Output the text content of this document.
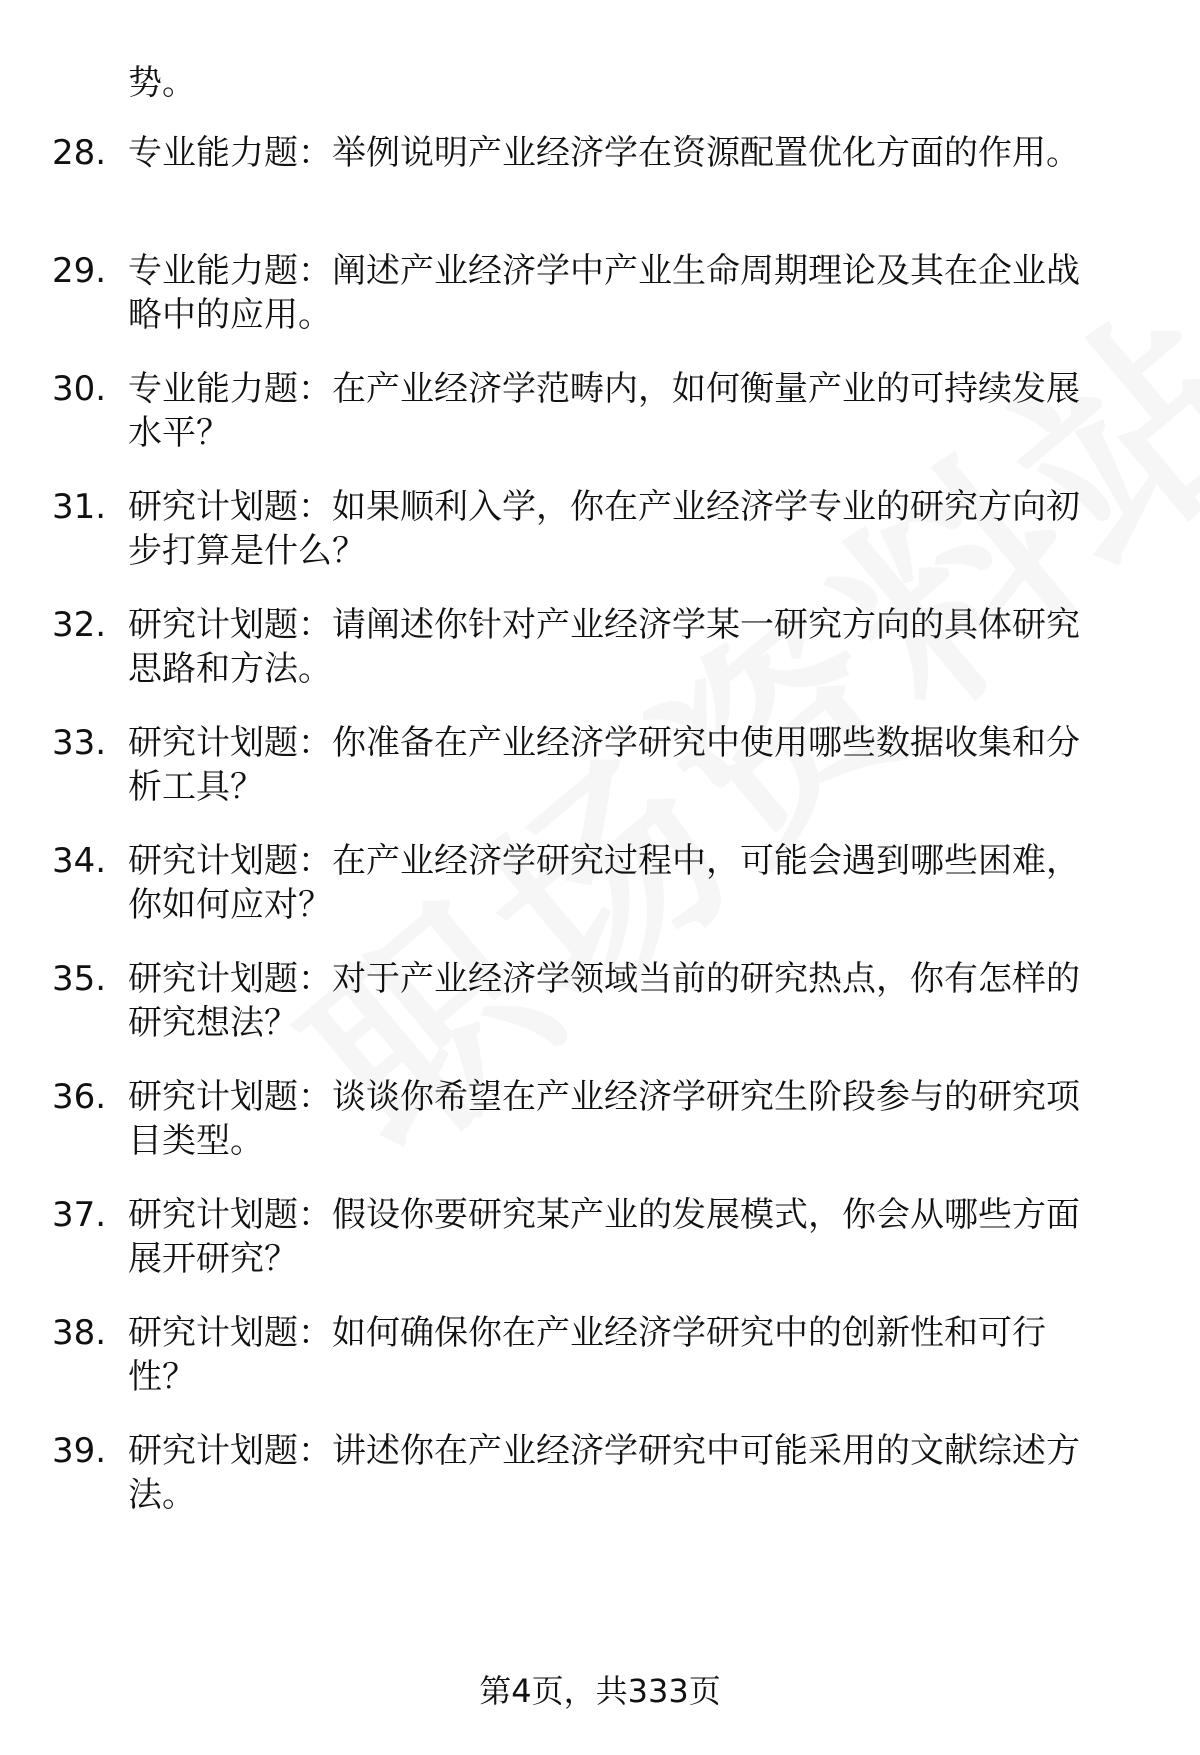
势。
28. 专业能力题：举例说明产业经济学在资源配置优化方面的作用。
29. 专业能力题：阐述产业经济学中产业生命周期理论及其在企业战
略中的应用。
30. 专业能力题：在产业经济学范畴内，如何衡量产业的可持续发展
水平？
31. 研究计划题：如果顺利入学，你在产业经济学专业的研究方向初
步打算是什么？
32. 研究计划题：请阐述你针对产业经济学某一研究方向的具体研究
思路和方法。
33. 研究计划题：你准备在产业经济学研究中使用哪些数据收集和分
析工具？
34. 研究计划题：在产业经济学研究过程中，可能会遇到哪些困难，
你如何应对？
35. 研究计划题：对于产业经济学领域当前的研究热点，你有怎样的
研究想法？
36. 研究计划题：谈谈你希望在产业经济学研究生阶段参与的研究项
目类型。
37. 研究计划题：假设你要研究某产业的发展模式，你会从哪些方面
展开研究？
38. 研究计划题：如何确保你在产业经济学研究中的创新性和可行
性？
39. 研究计划题：讲述你在产业经济学研究中可能采用的文献综述方
法。
第4页，共333页
